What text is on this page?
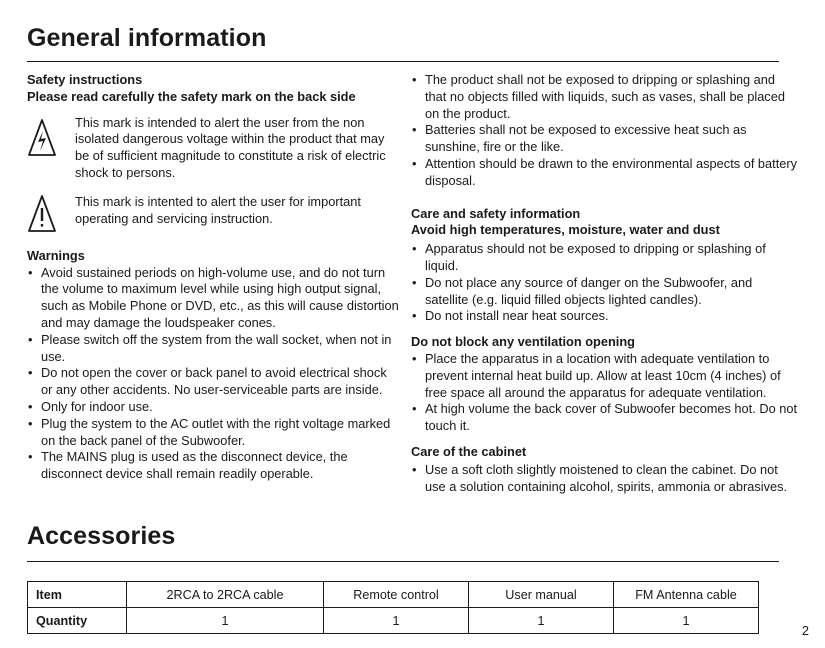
General information
Safety instructions
Please read carefully the safety mark on the back side
This mark is intended to alert the user from the non isolated dangerous voltage within the product that may be of sufficient magnitude to constitute a risk of electric shock to persons.
This mark is intented to alert the user for important operating and servicing instruction.
Warnings
• Avoid sustained periods on high-volume use, and do not turn the volume to maximum level while using high output signal, such as Mobile Phone or DVD, etc., as this will cause distortion and may damage the loudspeaker cones.
• Please switch off the system from the wall socket, when not in use.
• Do not open the cover or back panel to avoid electrical shock or any other accidents. No user-serviceable parts are inside.
• Only for indoor use.
• Plug the system to the AC outlet with the right voltage marked on the back panel of the Subwoofer.
• The MAINS plug is used as the disconnect device, the disconnect device shall remain readily operable.
• The product shall not be exposed to dripping or splashing and that no objects filled with liquids, such as vases, shall be placed on the product.
• Batteries shall not be exposed to excessive heat such as sunshine, fire or the like.
• Attention should be drawn to the environmental aspects of battery disposal.
Care and safety information
Avoid high temperatures, moisture, water and dust
• Apparatus should not be exposed to dripping or splashing of liquid.
• Do not place any source of danger on the Subwoofer, and satellite (e.g. liquid filled objects lighted candles).
• Do not install near heat sources.
Do not block any ventilation opening
• Place the apparatus in a location with adequate ventilation to prevent internal heat build up. Allow at least 10cm (4 inches) of free space all around the apparatus for adequate ventilation.
• At high volume the back cover of Subwoofer becomes hot. Do not touch it.
Care of the cabinet
• Use a soft cloth slightly moistened to clean the cabinet. Do not use a solution containing alcohol, spirits, ammonia or abrasives.
Accessories
Item	2RCA to 2RCA cable	Remote control	User manual	FM Antenna cable
Quantity	1	1	1	1
2
